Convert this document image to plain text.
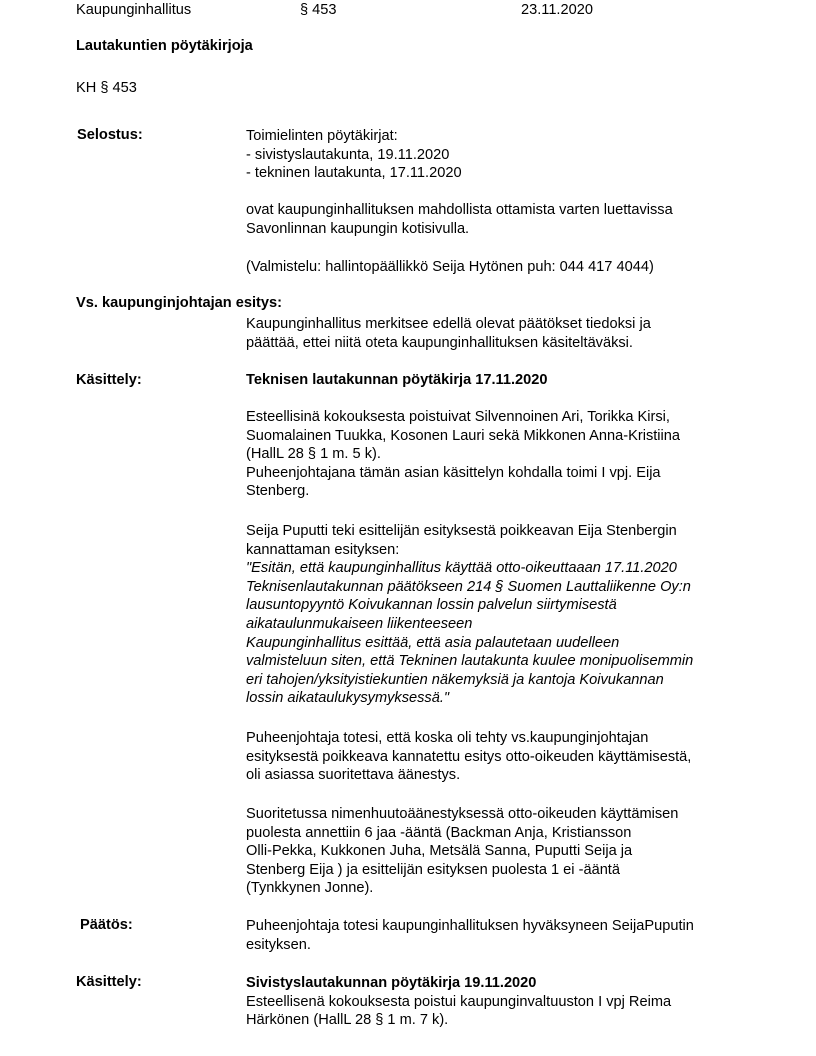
Kaupunginhallitus	§ 453	23.11.2020
Lautakuntien pöytäkirjoja
KH § 453
Selostus:	Toimielinten pöytäkirjat:
- sivistyslautakunta, 19.11.2020
- tekninen lautakunta, 17.11.2020
ovat kaupunginhallituksen mahdollista ottamista varten luettavissa
Savonlinnan kaupungin kotisivulla.
(Valmistelu: hallintopäällikkö Seija Hytönen puh: 044 417 4044)
Vs. kaupunginjohtajan esitys:
Kaupunginhallitus merkitsee edellä olevat päätökset tiedoksi ja
päättää, ettei niitä oteta kaupunginhallituksen käsiteltäväksi.
Käsittely:	Teknisen lautakunnan pöytäkirja 17.11.2020
Esteellisinä kokouksesta poistuivat Silvennoinen Ari, Torikka Kirsi,
Suomalainen Tuukka, Kosonen Lauri sekä Mikkonen Anna-Kristiina
(HallL 28 § 1 m. 5 k).
Puheenjohtajana tämän asian käsittelyn kohdalla toimi I vpj. Eija
Stenberg.
Seija Puputti teki esittelijän esityksestä poikkeavan Eija Stenbergin
kannattaman esityksen:
"Esitän, että kaupunginhallitus käyttää otto-oikeuttaaan 17.11.2020
Teknisenlautakunnan päätökseen 214 § Suomen Lauttaliikenne Oy:n
lausuntopyyntö Koivukannan lossin palvelun siirtymisestä
aikataulunmukaiseen liikenteeseen
Kaupunginhallitus esittää, että asia palautetaan uudelleen
valmisteluun siten, että Tekninen lautakunta kuulee monipuolisemmin
eri tahojen/yksityistiekuntien näkemyksiä ja kantoja Koivukannan
lossin aikataulukysymyksessä."
Puheenjohtaja totesi, että koska oli tehty vs.kaupunginjohtajan
esityksestä poikkeava kannatettu esitys otto-oikeuden käyttämisestä,
oli asiassa suoritettava äänestys.
Suoritetussa nimenhuutoäänestyksessä otto-oikeuden käyttämisen
puolesta annettiin 6 jaa -ääntä (Backman Anja, Kristiansson
Olli-Pekka, Kukkonen Juha, Metsälä Sanna, Puputti Seija ja
Stenberg Eija ) ja esittelijän esityksen puolesta 1 ei -ääntä
(Tynkkynen Jonne).
Päätös:	Puheenjohtaja totesi kaupunginhallituksen hyväksyneen SeijaPuputin
esityksen.
Käsittely:	Sivistyslautakunnan pöytäkirja 19.11.2020
Esteellisenä kokouksesta poistui kaupunginvaltuuston I vpj Reima
Härkönen (HallL 28 § 1 m. 7 k).
